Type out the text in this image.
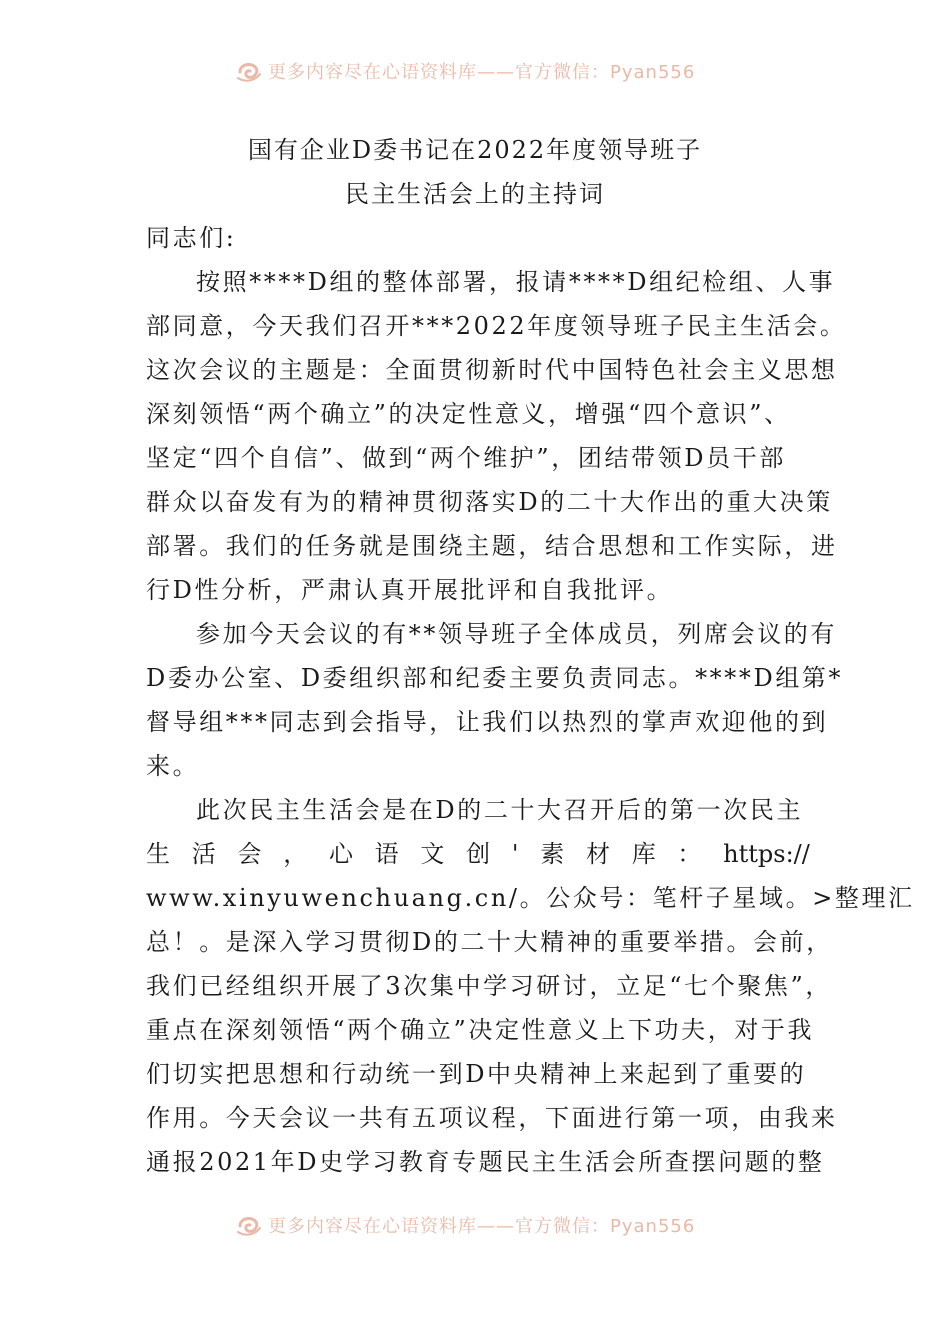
更多内容尽在心语资料库——官方微信：Pyan556
国有企业D委书记在2022年度领导班子
民主生活会上的主持词
同志们:
按照****D组的整体部署，报请****D组纪检组、人事
部同意，今天我们召开***2022年度领导班子民主生活会。
这次会议的主题是：全面贯彻新时代中国特色社会主义思想
深刻领悟“两个确立”的决定性意义，增强“四个意识”、
坚定“四个自信”、做到“两个维护”，团结带领D员干部
群众以奋发有为的精神贯彻落实D的二十大作出的重大决策
部署。我们的任务就是围绕主题，结合思想和工作实际，进
行D性分析，严肃认真开展批评和自我批评。
参加今天会议的有**领导班子全体成员，列席会议的有
D委办公室、D委组织部和纪委主要负责同志。****D组第*
督导组***同志到会指导，让我们以热烈的掌声欢迎他的到
来。
此次民主生活会是在D的二十大召开后的第一次民主
生 活 会 ， 心 语 文 创 ' 素 材 库 ： https://
www.xinyuwenchuang.cn/。公众号：笔杆子星域。>整理汇
总！。是深入学习贯彻D的二十大精神的重要举措。会前，
我们已经组织开展了3次集中学习研讨，立足“七个聚焦”，
重点在深刻领悟“两个确立”决定性意义上下功夫，对于我
们切实把思想和行动统一到D中央精神上来起到了重要的
作用。今天会议一共有五项议程，下面进行第一项，由我来
通报2021年D史学习教育专题民主生活会所查摆问题的整
更多内容尽在心语资料库——官方微信：Pyan556
